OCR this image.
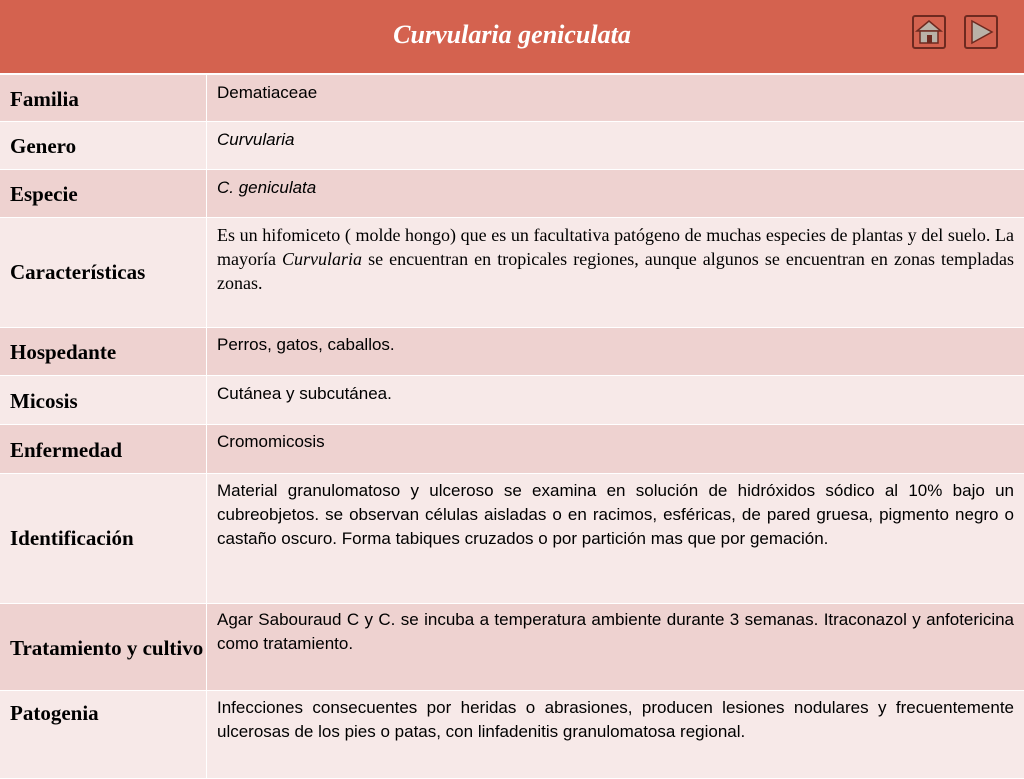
Curvularia geniculata
Familia	Dematiaceae

Genero	Curvularia

Especie	C. geniculata

Características	Es un hifomiceto ( molde hongo) que es un facultativa patógeno de muchas especies de plantas y del suelo. La mayoría Curvularia se encuentran en tropicales regiones, aunque algunos se encuentran en zonas templadas zonas.

Hospedante	Perros, gatos, caballos.

Micosis	Cutánea y subcutánea.

Enfermedad	Cromomicosis

Identificación	Material granulomatoso y ulceroso se examina en solución de hidróxidos sódico al 10% bajo un cubreobjetos. se observan células aisladas o en racimos, esféricas, de pared gruesa, pigmento negro o castaño oscuro. Forma tabiques cruzados o por partición mas que por gemación.

Tratamiento y cultivo	Agar Sabouraud C y C. se incuba a temperatura ambiente durante 3 semanas. Itraconazol y anfotericina como tratamiento.

Patogenia	Infecciones consecuentes por heridas o abrasiones, producen lesiones nodulares y frecuentemente ulcerosas de los pies o patas, con linfadenitis granulomatosa regional.
